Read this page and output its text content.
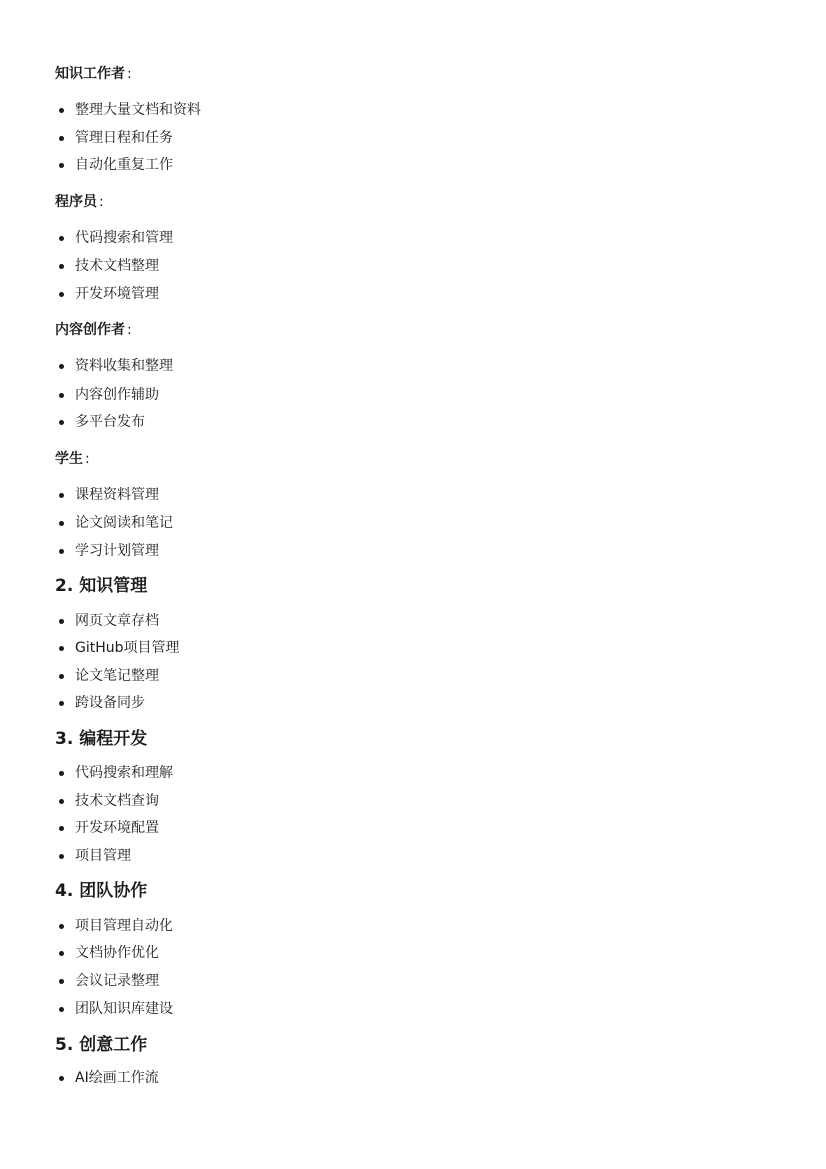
知识工作者 :

整理大量文档和资料
管理日程和任务
自动化重复工作

程序员 :

代码搜索和管理
技术文档整理
开发环境管理

内容创作者 :

资料收集和整理
内容创作辅助
多平台发布

学生 :

课程资料管理
论文阅读和笔记
学习计划管理
2. 知识管理
网页文章存档
GitHub项目管理
论文笔记整理
跨设备同步
3. 编程开发
代码搜索和理解
技术文档查询
开发环境配置
项目管理
4. 团队协作
项目管理自动化
文档协作优化
会议记录整理
团队知识库建设
5. 创意工作
AI绘画工作流
